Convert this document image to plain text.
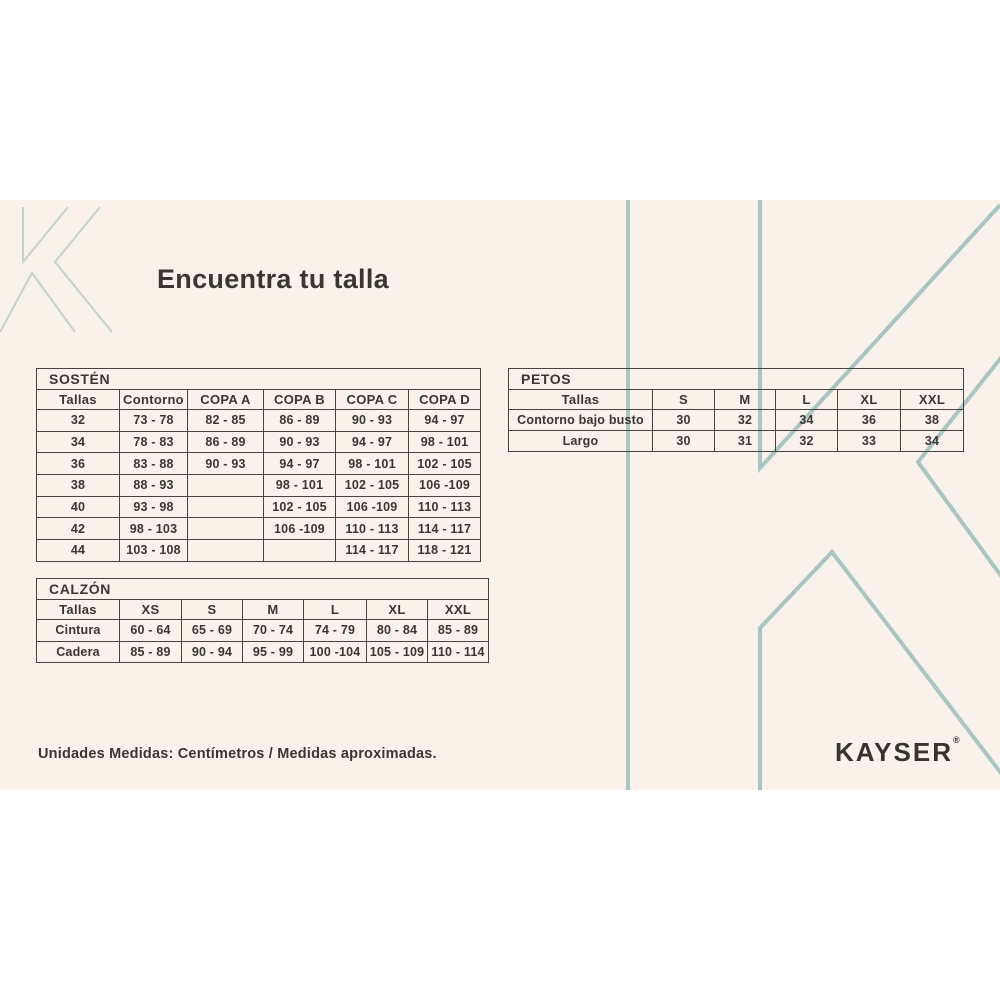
Encuentra tu talla
SOSTÉN					
Tallas	Contorno	COPA A	COPA B	COPA C	COPA D
32	73 - 78	82 - 85	86 - 89	90 - 93	94 - 97
34	78 - 83	86 - 89	90 - 93	94 - 97	98 - 101
36	83 - 88	90 - 93	94 - 97	98 - 101	102 - 105
38	88 - 93		98 - 101	102 - 105	106 -109
40	93 - 98		102 - 105	106 -109	110 - 113
42	98 - 103		106 -109	110 - 113	114 - 117
44	103 - 108			114 - 117	118 - 121
PETOS					
Tallas	S	M	L	XL	XXL
Contorno bajo busto	30	32	34	36	38
Largo	30	31	32	33	34
CALZÓN						
Tallas	XS	S	M	L	XL	XXL
Cintura	60 - 64	65 - 69	70 - 74	74 - 79	80 - 84	85 - 89
Cadera	85 - 89	90 - 94	95 - 99	100 -104	105 - 109	110 - 114
Unidades Medidas: Centímetros / Medidas aproximadas.	KAYSER®
